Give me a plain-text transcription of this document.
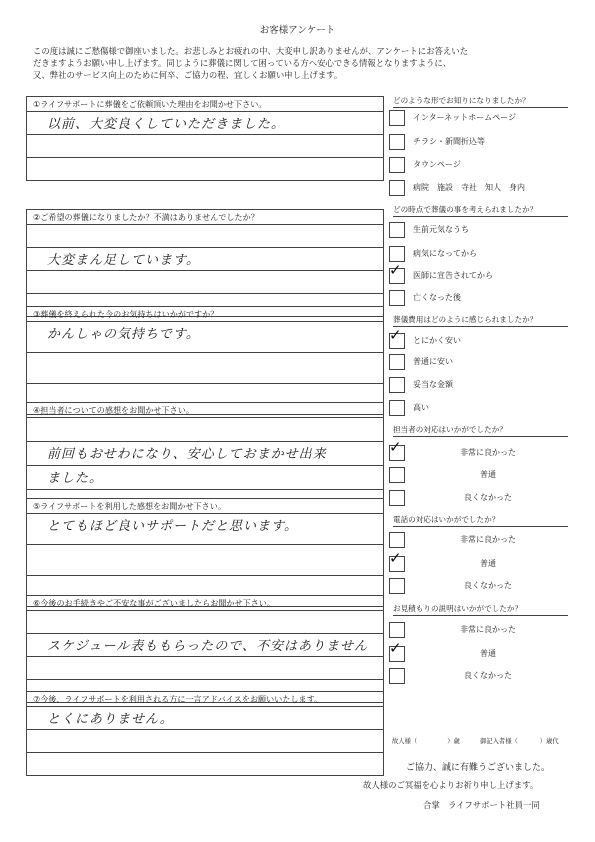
お客様アンケート
この度は誠にご愁傷様で御座いました。お悲しみとお疲れの中、大変申し訳ありませんが、アンケートにお答えいた
だきますようお願い申し上げます。同じように葬儀に関して困っている方へ安心できる情報となりますように、
又、弊社のサービス向上のために何卒、ご協力の程、宜しくお願い申し上げます。
①ライフサポートに葬儀をご依頼頂いた理由をお聞かせ下さい。
以前、大変良くしていただきました。
②ご希望の葬儀になりましたか？不満はありませんでしたか？
大変まん足しています。
③葬儀を終えられた今のお気持ちはいかがですか？
かんしゃの気持ちです。
④担当者についての感想をお聞かせ下さい。
前回もおせわになり、安心しておまかせ出来
ました。
⑤ライフサポートを利用した感想をお聞かせ下さい。
とてもほど良いサポートだと思います。
⑥今後のお手続きやご不安な事がございましたらお聞かせ下さい。
スケジュール表ももらったので、不安はありません
⑦今後、ライフサポートを利用される方に一言アドバイスをお願いいたします。
とくにありません。
どのような形でお知りになりましたか？
インターネットホームページ
チラシ・新聞折込等
タウンページ
病院　施設　寺社　知人　身内
どの時点で葬儀の事を考えられましたか？
生前元気なうち
病気になってから
✓ 医師に宣告されてから
亡くなった後
葬儀費用はどのように感じられましたか？
✓ とにかく安い
普通に安い
妥当な金額
高い
担当者の対応はいかがでしたか？
✓	非常に良かった
普通
良くなかった
電話の対応はいかがでしたか？
非常に良かった
✓	普通
良くなかった
お見積もりの説明はいかがでしたか？
非常に良かった
✓	普通
良くなかった
故人様（	）歳	御記入者様（	）歳代
ご協力、誠に有難うございました。
故人様のご冥福を心よりお祈り申し上げます。
合掌　ライフサポート社員一同
